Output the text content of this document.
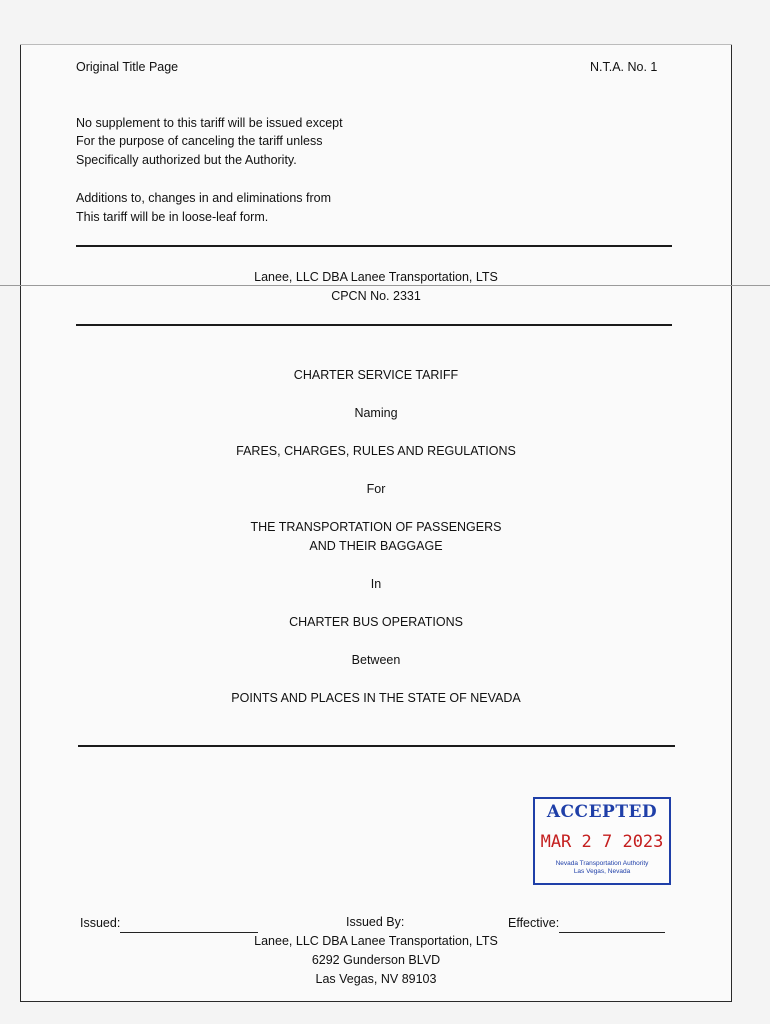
Original Title Page	N.T.A. No. 1
No supplement to this tariff will be issued except
For the purpose of canceling the tariff unless
Specifically authorized but the Authority.
Additions to, changes in and eliminations from
This tariff will be in loose-leaf form.
Lanee, LLC DBA Lanee Transportation, LTS
CPCN No. 2331
CHARTER SERVICE TARIFF
Naming
FARES, CHARGES, RULES AND REGULATIONS
For
THE TRANSPORTATION OF PASSENGERS
AND THEIR BAGGAGE
In
CHARTER BUS OPERATIONS
Between
POINTS AND PLACES IN THE STATE OF NEVADA
ACCEPTED
MAR 2 7 2023
Nevada Transportation Authority
Las Vegas, Nevada
Issued:	Issued By:	Effective:
Lanee, LLC DBA Lanee Transportation, LTS
6292 Gunderson BLVD
Las Vegas, NV 89103
